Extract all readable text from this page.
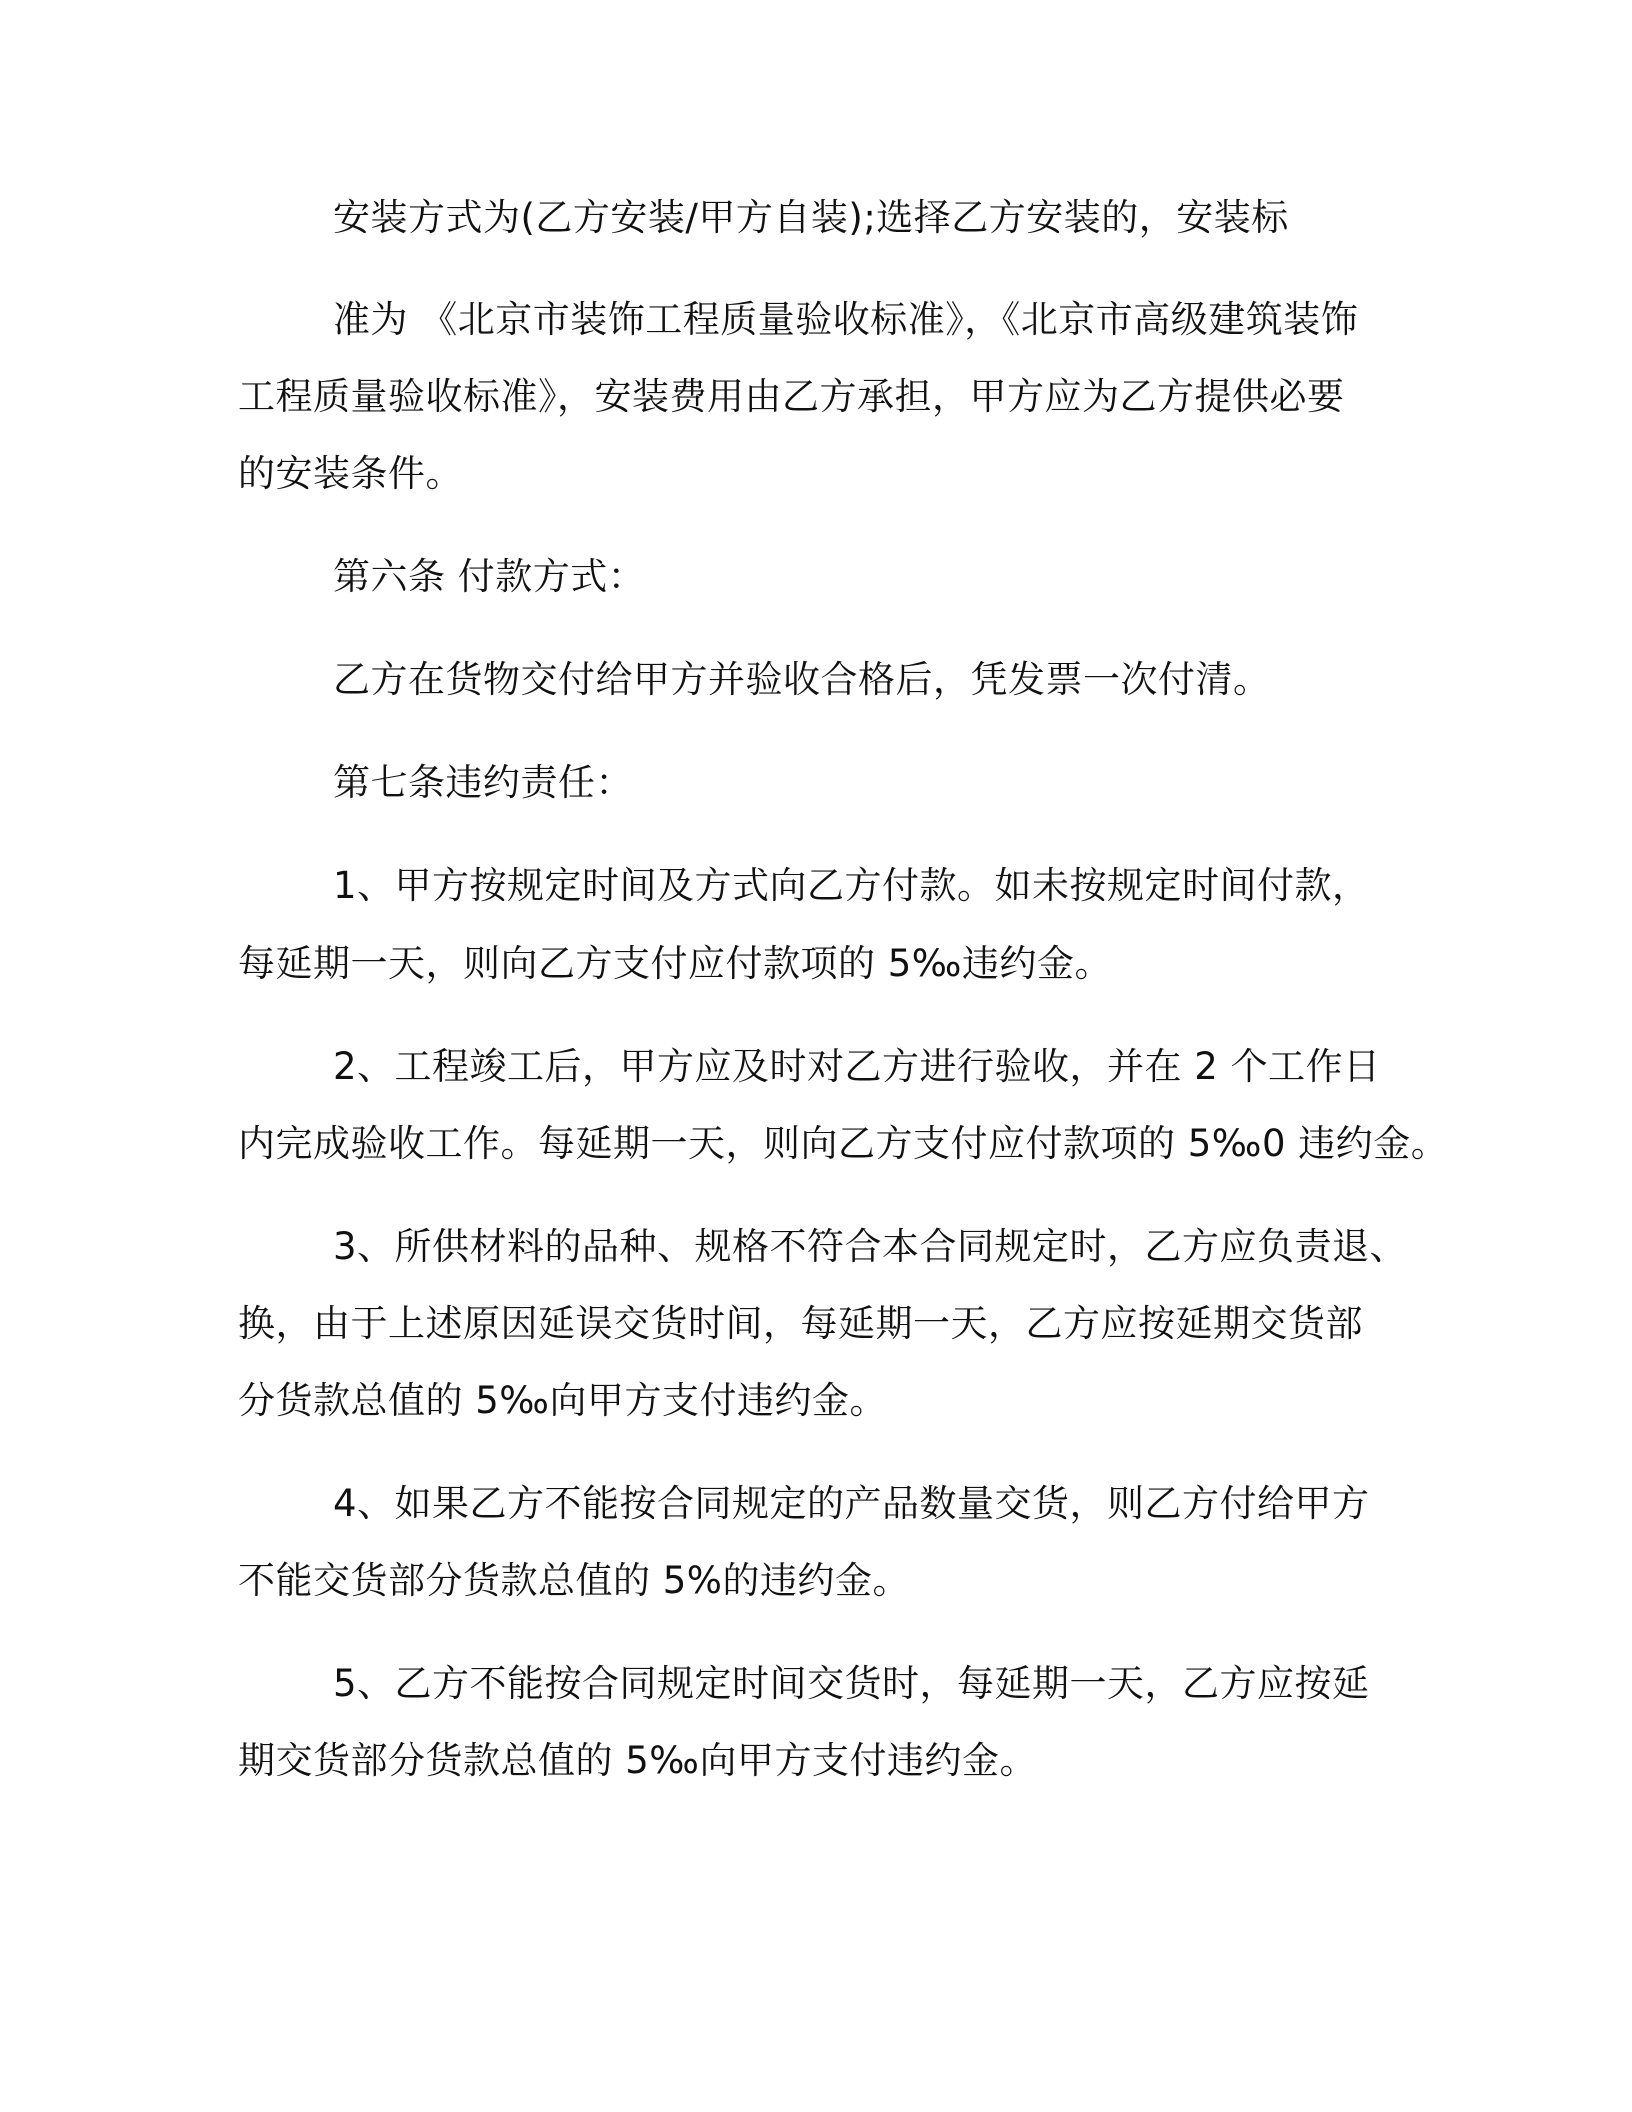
安装方式为(乙方安装/甲方自装);选择乙方安装的，安装标
准为 《北京市装饰工程质量验收标准》，《北京市高级建筑装饰
工程质量验收标准》，安装费用由乙方承担，甲方应为乙方提供必要
的安装条件。
第六条 付款方式：
乙方在货物交付给甲方并验收合格后，凭发票一次付清。
第七条违约责任：
1、甲方按规定时间及方式向乙方付款。如未按规定时间付款，
每延期一天，则向乙方支付应付款项的 5‰违约金。
2、工程竣工后，甲方应及时对乙方进行验收，并在 2 个工作日
内完成验收工作。每延期一天，则向乙方支付应付款项的 5‰0 违约金。
3、所供材料的品种、规格不符合本合同规定时，乙方应负责退、
换，由于上述原因延误交货时间，每延期一天，乙方应按延期交货部
分货款总值的 5‰向甲方支付违约金。
4、如果乙方不能按合同规定的产品数量交货，则乙方付给甲方
不能交货部分货款总值的 5%的违约金。
5、乙方不能按合同规定时间交货时，每延期一天，乙方应按延
期交货部分货款总值的 5‰向甲方支付违约金。
